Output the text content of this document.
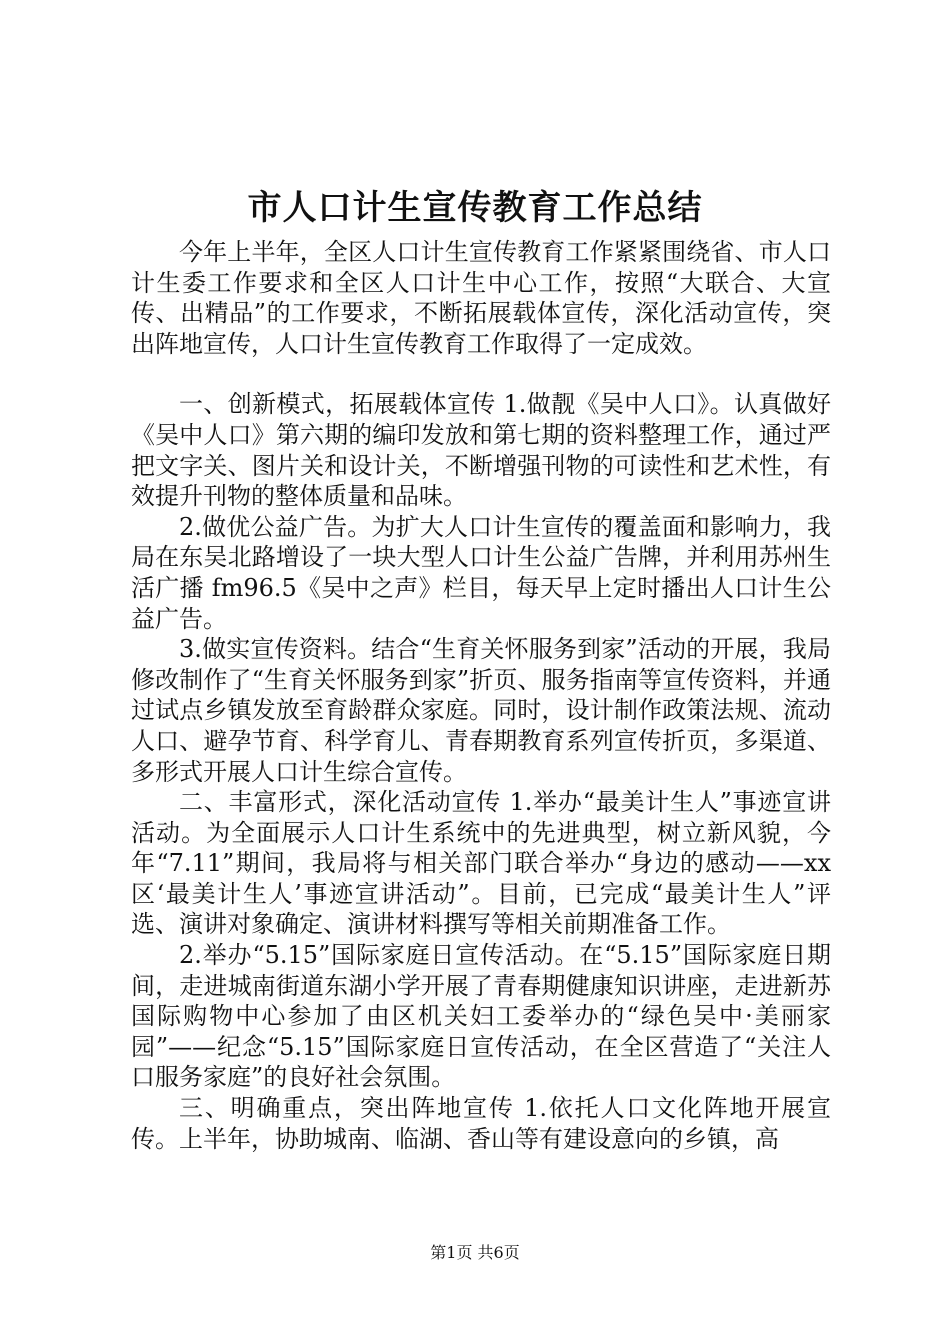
市人口计生宣传教育工作总结

今年上半年，全区人口计生宣传教育工作紧紧围绕省、市人口计生委工作要求和全区人口计生中心工作，按照“大联合、大宣传、出精品”的工作要求，不断拓展载体宣传，深化活动宣传，突出阵地宣传，人口计生宣传教育工作取得了一定成效。

一、创新模式，拓展载体宣传 1.做靓《吴中人口》。认真做好《吴中人口》第六期的编印发放和第七期的资料整理工作，通过严把文字关、图片关和设计关，不断增强刊物的可读性和艺术性，有效提升刊物的整体质量和品味。

2.做优公益广告。为扩大人口计生宣传的覆盖面和影响力，我局在东吴北路增设了一块大型人口计生公益广告牌，并利用苏州生活广播 fm96.5《吴中之声》栏目，每天早上定时播出人口计生公益广告。

3.做实宣传资料。结合“生育关怀服务到家”活动的开展，我局修改制作了“生育关怀服务到家”折页、服务指南等宣传资料，并通过试点乡镇发放至育龄群众家庭。同时，设计制作政策法规、流动人口、避孕节育、科学育儿、青春期教育系列宣传折页，多渠道、多形式开展人口计生综合宣传。

二、丰富形式，深化活动宣传 1.举办“最美计生人”事迹宣讲活动。为全面展示人口计生系统中的先进典型，树立新风貌，今年“7.11”期间，我局将与相关部门联合举办“身边的感动——xx区‘最美计生人’事迹宣讲活动”。目前，已完成“最美计生人”评选、演讲对象确定、演讲材料撰写等相关前期准备工作。

2.举办“5.15”国际家庭日宣传活动。在“5.15”国际家庭日期间，走进城南街道东湖小学开展了青春期健康知识讲座，走进新苏国际购物中心参加了由区机关妇工委举办的“绿色吴中·美丽家园”——纪念“5.15”国际家庭日宣传活动，在全区营造了“关注人口服务家庭”的良好社会氛围。

三、明确重点，突出阵地宣传 1.依托人口文化阵地开展宣传。上半年，协助城南、临湖、香山等有建设意向的乡镇，高

第1页 共6页
